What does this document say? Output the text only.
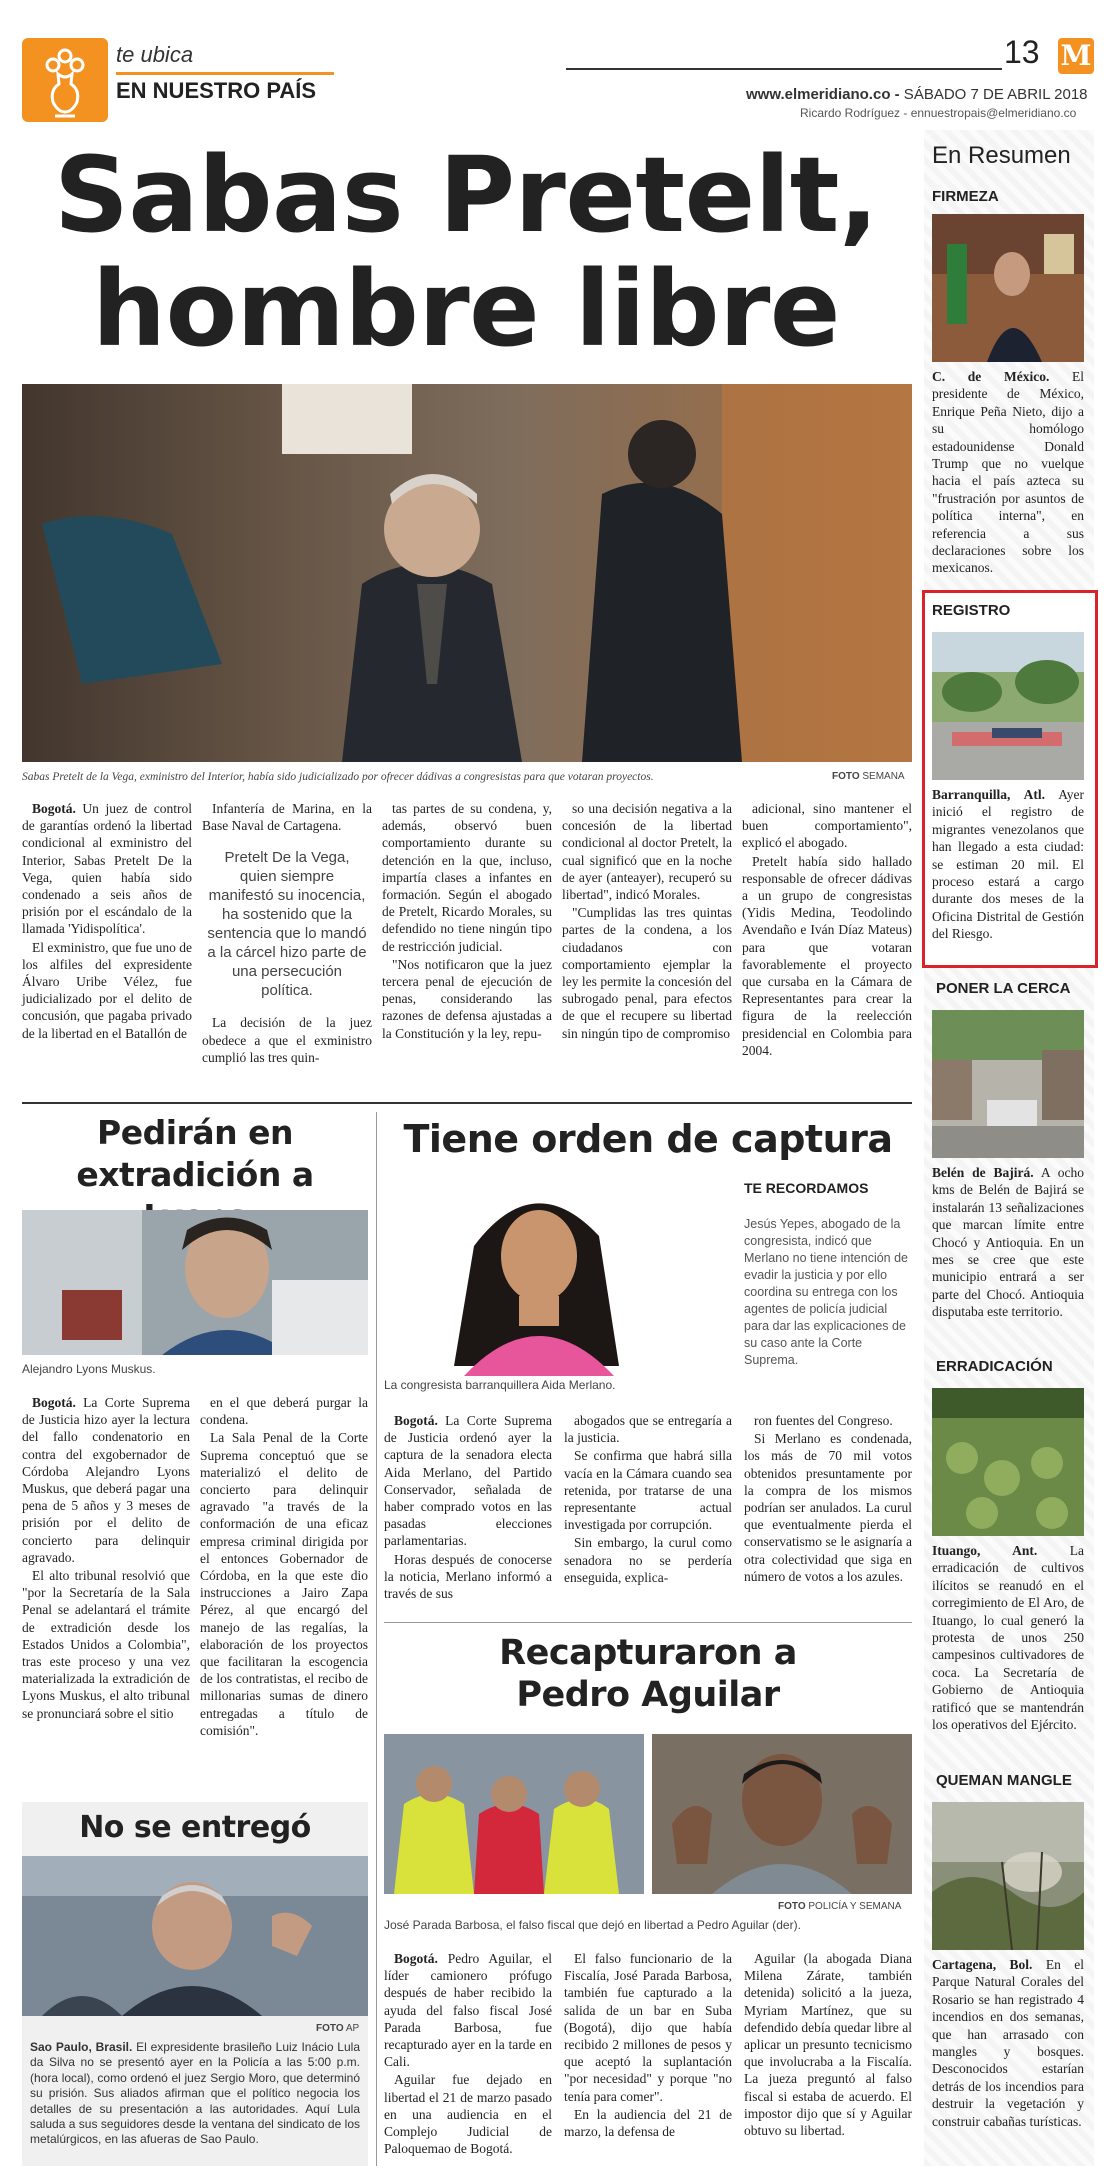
te ubica
EN NUESTRO PAÍS
13 M
www.elmeridiano.co - SÁBADO 7 DE ABRIL 2018
Ricardo Rodríguez - ennuestropais@elmeridiano.co
Sabas Pretelt,
hombre libre
Sabas Pretelt de la Vega, exministro del Interior, había sido judicializado por ofrecer dádivas a congresistas para que votaran proyectos.	FOTO SEMANA

Bogotá. Un juez de control de garantías ordenó la libertad condicional al exministro del Interior, Sabas Pretelt De la Vega, quien había sido condenado a seis años de prisión por el escándalo de la llamada 'Yidispolítica'.

El exministro, que fue uno de los alfiles del expresidente Álvaro Uribe Vélez, fue judicializado por el delito de concusión, que pagaba privado de la libertad en el Batallón de

Infantería de Marina, en la Base Naval de Cartagena.

Pretelt De la Vega, quien siempre manifestó su inocencia, ha sostenido que la sentencia que lo mandó a la cárcel hizo parte de una persecución política.

La decisión de la juez obedece a que el exministro cumplió las tres quin-

tas partes de su condena, y, además, observó buen comportamiento durante su detención en la que, incluso, impartía clases a infantes en formación. Según el abogado de Pretelt, Ricardo Morales, su defendido no tiene ningún tipo de restricción judicial.

"Nos notificaron que la juez tercera penal de ejecución de penas, considerando las razones de defensa ajustadas a la Constitución y la ley, repu-

so una decisión negativa a la concesión de la libertad condicional al doctor Pretelt, la cual significó que en la noche de ayer (anteayer), recuperó su libertad", indicó Morales.

"Cumplidas las tres quintas partes de la condena, a los ciudadanos con comportamiento ejemplar la ley les permite la concesión del subrogado penal, para efectos de que el recupere su libertad sin ningún tipo de compromiso

adicional, sino mantener el buen comportamiento", explicó el abogado.

Pretelt había sido hallado responsable de ofrecer dádivas a un grupo de congresistas (Yidis Medina, Teodolindo Avendaño e Iván Díaz Mateus) para que votaran favorablemente el proyecto que cursaba en la Cámara de Representantes para crear la figura de la reelección presidencial en Colombia para 2004.

Pedirán en extradición a
Alejandro Lyons Muskus.

Bogotá. La Corte Suprema de Justicia hizo ayer la lectura del fallo condenatorio en contra del exgobernador de Córdoba Alejandro Lyons Muskus, que deberá pagar una pena de 5 años y 3 meses de prisión por el delito de concierto para delinquir agravado.

El alto tribunal resolvió que "por la Secretaría de la Sala Penal se adelantará el trámite de extradición desde los Estados Unidos a Colombia", tras este proceso y una vez materializada la extradición de Lyons Muskus, el alto tribunal se pronunciará sobre el sitio

en el que deberá purgar la condena.

La Sala Penal de la Corte Suprema conceptuó que se materializó el delito de concierto para delinquir agravado "a través de la conformación de una eficaz empresa criminal dirigida por el entonces Gobernador de Córdoba, en la que este dio instrucciones a Jairo Zapa Pérez, al que encargó del manejo de las regalías, la elaboración de los proyectos que facilitaran la escogencia de los contratistas, el recibo de millonarias sumas de dinero entregadas a título de comisión".

No se entregó
FOTO AP
Sao Paulo, Brasil. El expresidente brasileño Luiz Inácio Lula da Silva no se presentó ayer en la Policía a las 5:00 p.m. (hora local), como ordenó el juez Sergio Moro, que determinó su prisión. Sus aliados afirman que el político negocia los detalles de su presentación a las autoridades. Aquí Lula saluda a sus seguidores desde la ventana del sindicato de los metalúrgicos, en las afueras de Sao Paulo.
Tiene orden de captura
La congresista barranquillera Aida Merlano.
TE RECORDAMOS
Jesús Yepes, abogado de la congresista, indicó que Merlano no tiene intención de evadir la justicia y por ello coordina su entrega con los agentes de policía judicial para dar las explicaciones de su caso ante la Corte Suprema.

Bogotá. La Corte Suprema de Justicia ordenó ayer la captura de la senadora electa Aida Merlano, del Partido Conservador, señalada de haber comprado votos en las pasadas elecciones parlamentarias.

Horas después de conocerse la noticia, Merlano informó a través de sus

abogados que se entregaría a la justicia.

Se confirma que habrá silla vacía en la Cámara cuando sea retenida, por tratarse de una representante actual investigada por corrupción.

Sin embargo, la curul como senadora no se perdería enseguida, explica-

ron fuentes del Congreso.

Si Merlano es condenada, los más de 70 mil votos obtenidos presuntamente por la compra de los mismos podrían ser anulados. La curul que eventualmente pierda el conservatismo se le asignaría a otra colectividad que siga en número de votos a los azules.

Recapturaron a
Pedro Aguilar
FOTO POLICÍA Y SEMANA
José Parada Barbosa, el falso fiscal que dejó en libertad a Pedro Aguilar (der).

Bogotá. Pedro Aguilar, el líder camionero prófugo después de haber recibido la ayuda del falso fiscal José Parada Barbosa, fue recapturado ayer en la tarde en Cali.

Aguilar fue dejado en libertad el 21 de marzo pasado en una audiencia en el Complejo Judicial de Paloquemao de Bogotá.

El falso funcionario de la Fiscalía, José Parada Barbosa, también fue capturado a la salida de un bar en Suba (Bogotá), dijo que había recibido 2 millones de pesos y que aceptó la suplantación "por necesidad" y porque "no tenía para comer".

En la audiencia del 21 de marzo, la defensa de

Aguilar (la abogada Diana Milena Zárate, también detenida) solicitó a la jueza, Myriam Martínez, que su defendido debía quedar libre al aplicar un presunto tecnicismo que involucraba a la Fiscalía. La jueza preguntó al falso fiscal si estaba de acuerdo. El impostor dijo que sí y Aguilar obtuvo su libertad.

En Resumen
FIRMEZA
C. de México. El presidente de México, Enrique Peña Nieto, dijo a su homólogo estadounidense Donald Trump que no vuelque hacia el país azteca su "frustración por asuntos de política interna", en referencia a sus declaraciones sobre los mexicanos.
REGISTRO
Barranquilla, Atl. Ayer inició el registro de migrantes venezolanos que han llegado a esta ciudad: se estiman 20 mil. El proceso estará a cargo durante dos meses de la Oficina Distrital de Gestión del Riesgo.
PONER LA CERCA
Belén de Bajirá. A ocho kms de Belén de Bajirá se instalarán 13 señalizaciones que marcan límite entre Chocó y Antioquia. En un mes se cree que este municipio entrará a ser parte del Chocó. Antioquia disputaba este territorio.
ERRADICACIÓN
Ituango, Ant. La erradicación de cultivos ilícitos se reanudó en el corregimiento de El Aro, de Ituango, lo cual generó la protesta de unos 250 campesinos cultivadores de coca. La Secretaría de Gobierno de Antioquia ratificó que se mantendrán los operativos del Ejército.
QUEMAN MANGLE
Cartagena, Bol. En el Parque Natural Corales del Rosario se han registrado 4 incendios en dos semanas, que han arrasado con mangles y bosques. Desconocidos estarían detrás de los incendios para destruir la vegetación y construir cabañas turísticas.
